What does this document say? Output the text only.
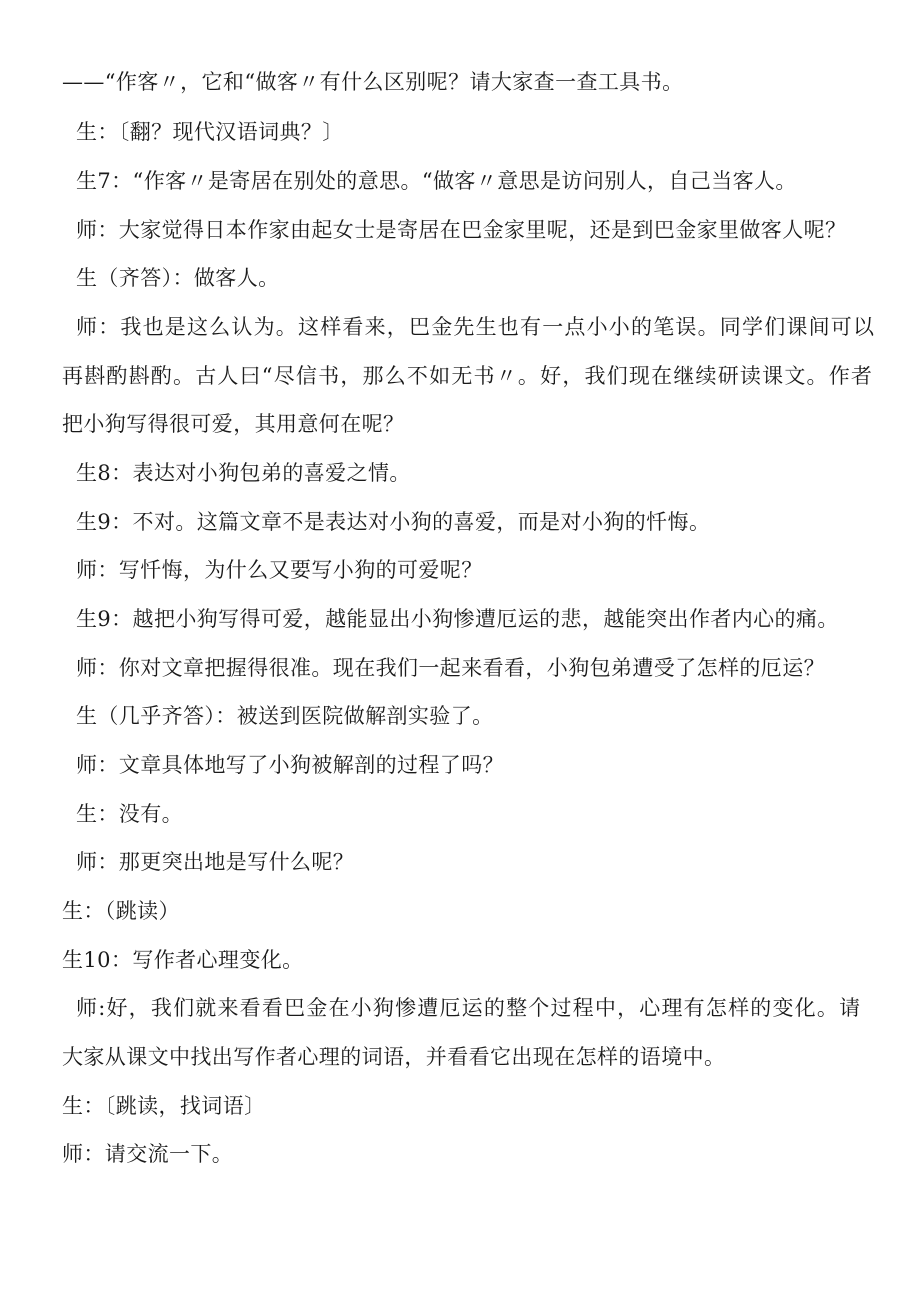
——“作客〃，它和“做客〃有什么区别呢？请大家查一查工具书。

生：〔翻？现代汉语词典？〕

生7：“作客〃是寄居在别处的意思。“做客〃意思是访问别人，自己当客人。

师：大家觉得日本作家由起女士是寄居在巴金家里呢，还是到巴金家里做客人呢？

生（齐答）：做客人。

师：我也是这么认为。这样看来，巴金先生也有一点小小的笔误。同学们课间可以

再斟酌斟酌。古人曰“尽信书，那么不如无书〃。好，我们现在继续研读课文。作者

把小狗写得很可爱，其用意何在呢？

生8：表达对小狗包弟的喜爱之情。

生9：不对。这篇文章不是表达对小狗的喜爱，而是对小狗的忏悔。

师：写忏悔，为什么又要写小狗的可爱呢？

生9：越把小狗写得可爱，越能显出小狗惨遭厄运的悲，越能突出作者内心的痛。

师：你对文章把握得很准。现在我们一起来看看，小狗包弟遭受了怎样的厄运？

生（几乎齐答）：被送到医院做解剖实验了。

师：文章具体地写了小狗被解剖的过程了吗？

生：没有。

师：那更突出地是写什么呢？

生：（跳读）

生10：写作者心理变化。

师:好，我们就来看看巴金在小狗惨遭厄运的整个过程中，心理有怎样的变化。请

大家从课文中找出写作者心理的词语，并看看它出现在怎样的语境中。

生：〔跳读，找词语〕

师：请交流一下。
